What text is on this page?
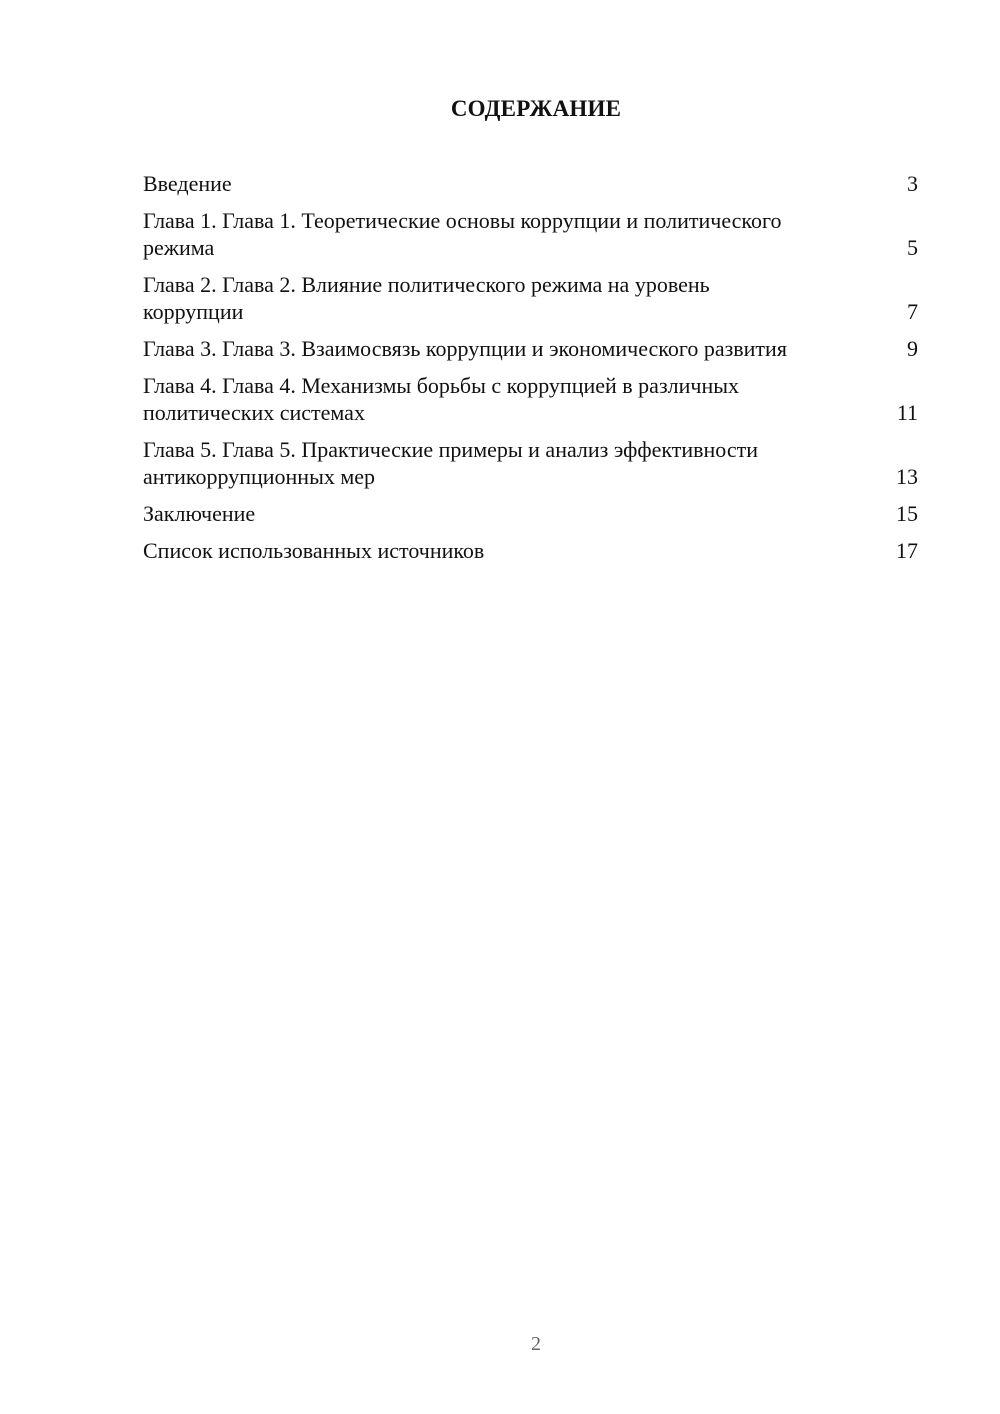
СОДЕРЖАНИЕ
Введение	3
Глава 1. Глава 1. Теоретические основы коррупции и политического режима	5
Глава 2. Глава 2. Влияние политического режима на уровень коррупции	7
Глава 3. Глава 3. Взаимосвязь коррупции и экономического развития	9
Глава 4. Глава 4. Механизмы борьбы с коррупцией в различных политических системах	11
Глава 5. Глава 5. Практические примеры и анализ эффективности антикоррупционных мер	13
Заключение	15
Список использованных источников	17
2
